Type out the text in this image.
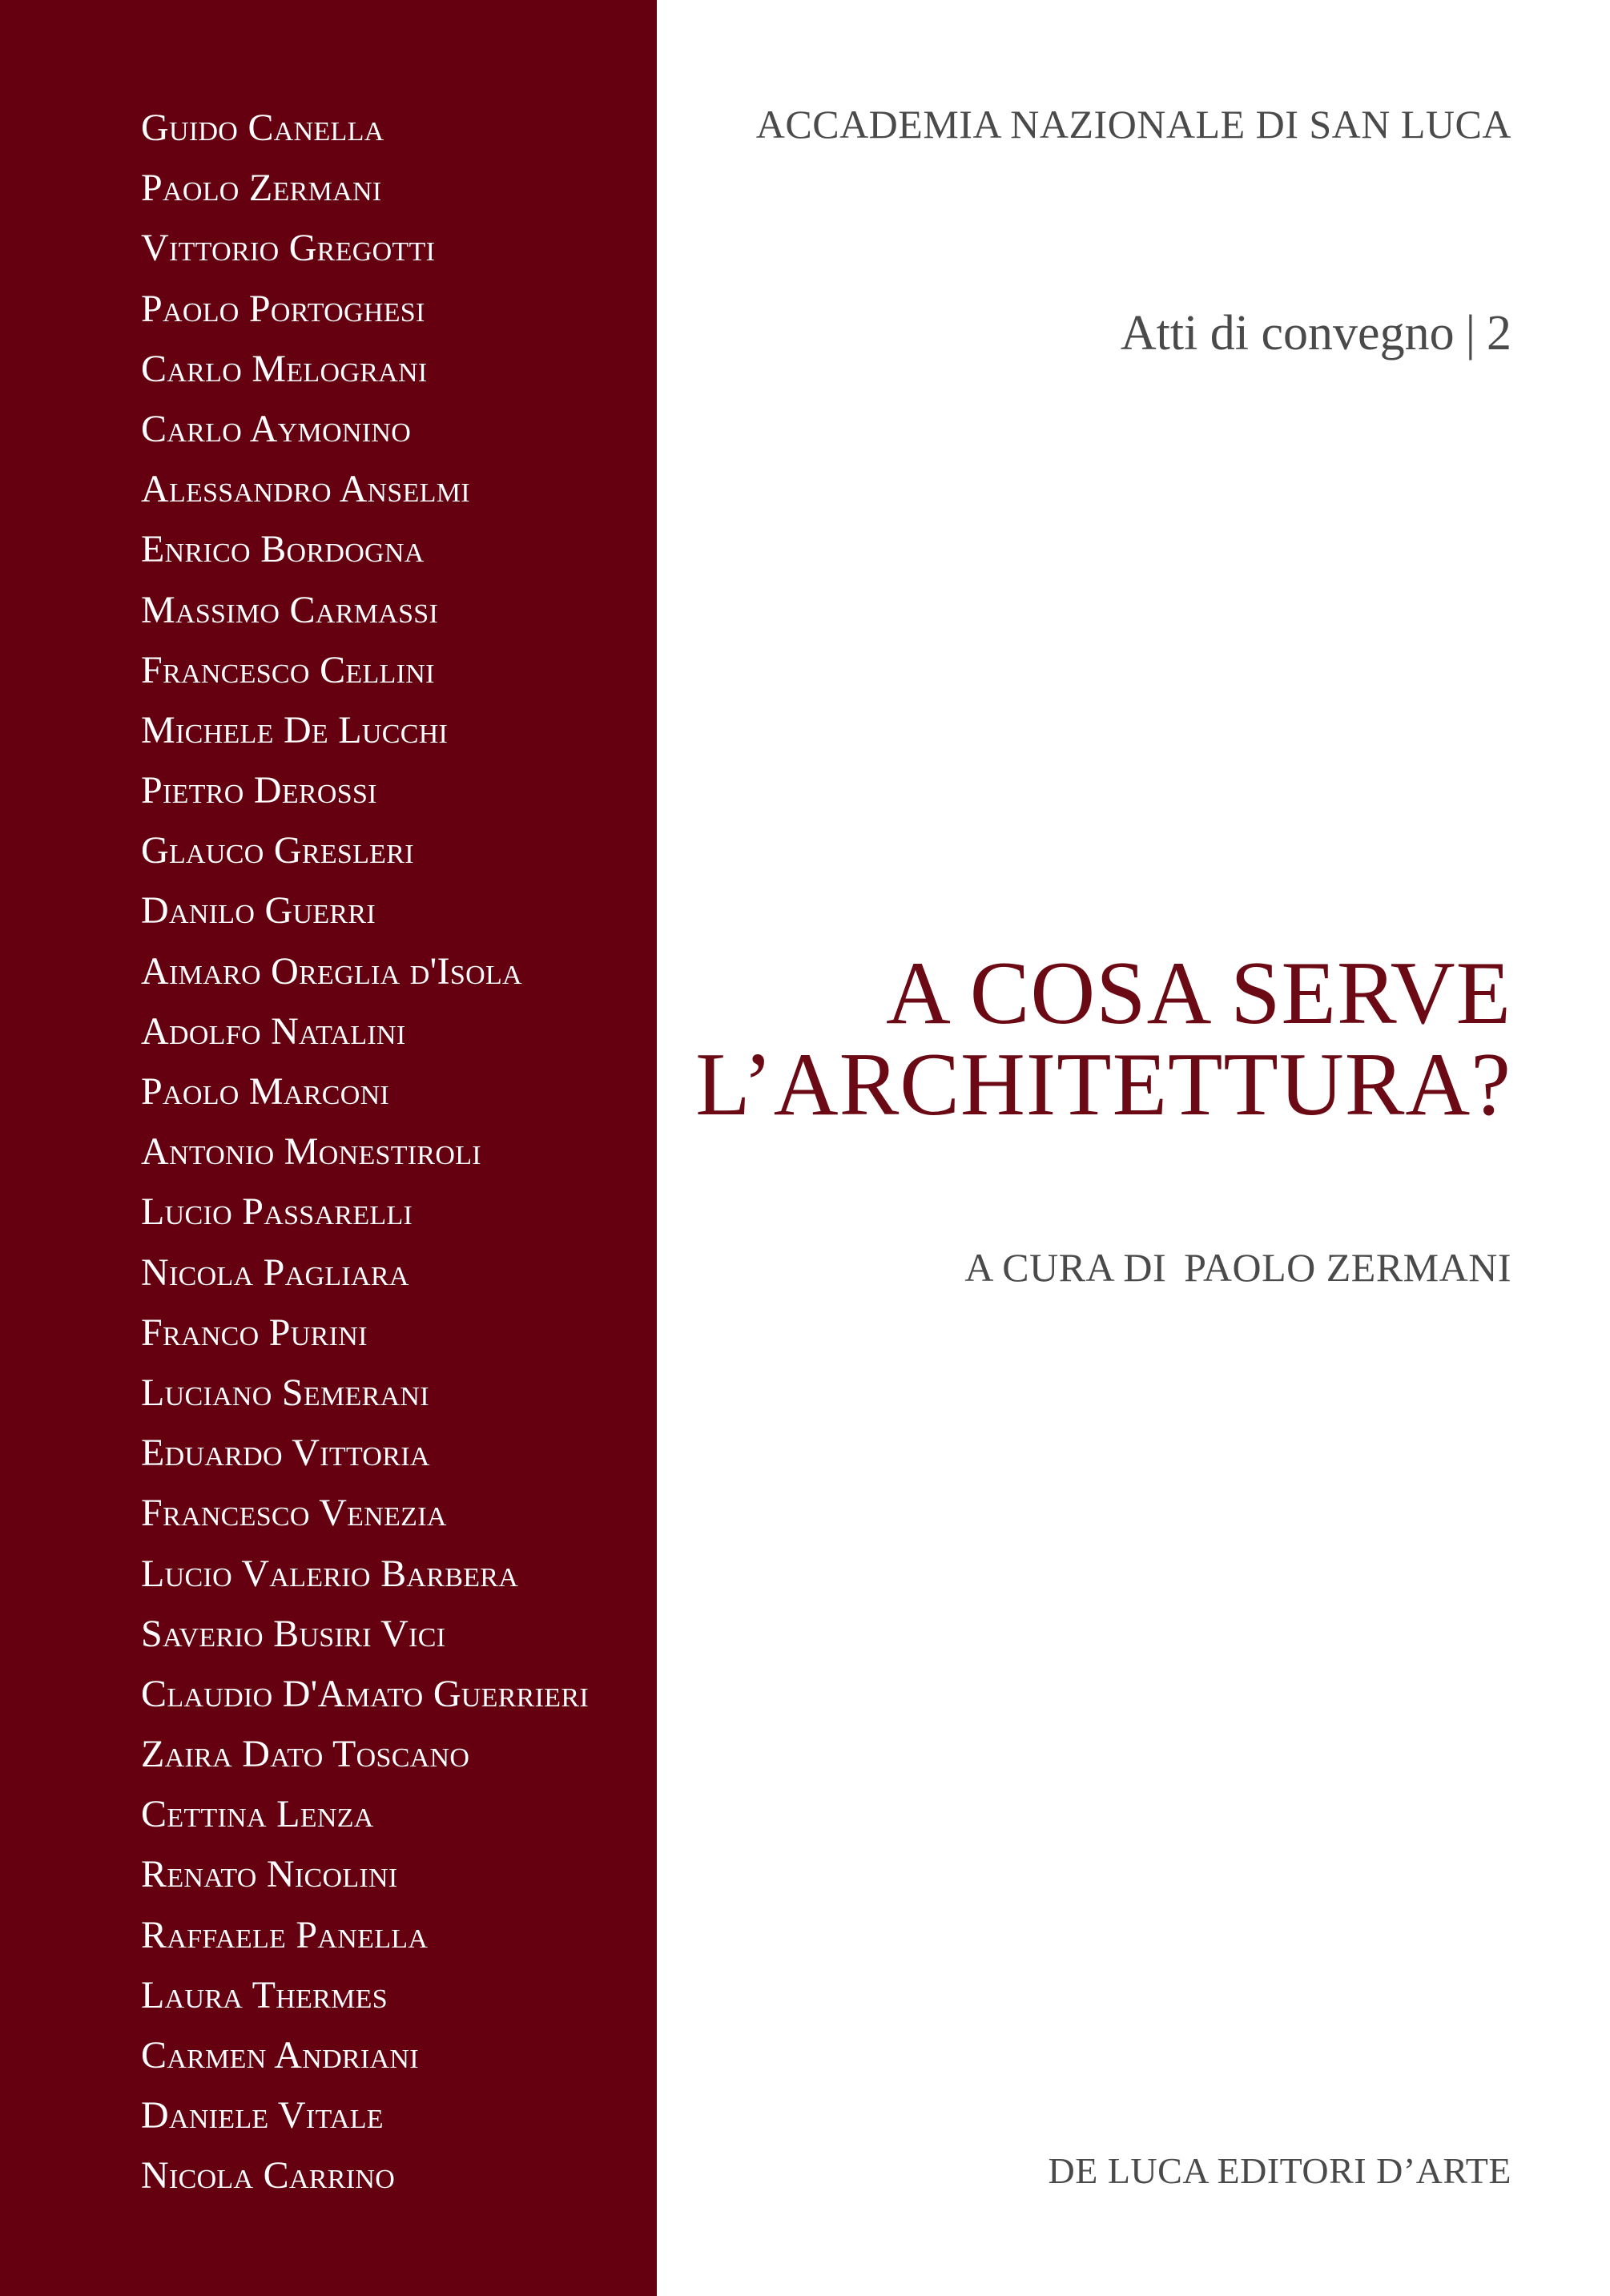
Guido Canella
Paolo Zermani
Vittorio Gregotti
Paolo Portoghesi
Carlo Melograni
Carlo Aymonino
Alessandro Anselmi
Enrico Bordogna
Massimo Carmassi
Francesco Cellini
Michele De Lucchi
Pietro Derossi
Glauco Gresleri
Danilo Guerri
Aimaro Oreglia d'Isola
Adolfo Natalini
Paolo Marconi
Antonio Monestiroli
Lucio Passarelli
Nicola Pagliara
Franco Purini
Luciano Semerani
Eduardo Vittoria
Francesco Venezia
Lucio Valerio Barbera
Saverio Busiri Vici
Claudio D'Amato Guerrieri
Zaira Dato Toscano
Cettina Lenza
Renato Nicolini
Raffaele Panella
Laura Thermes
Carmen Andriani
Daniele Vitale
Nicola Carrino
ACCADEMIA NAZIONALE DI SAN LUCA
Atti di convegno | 2
A COSA SERVE
L’ARCHITETTURA?
A CURA DI PAOLO ZERMANI
DE LUCA EDITORI D’ARTE
